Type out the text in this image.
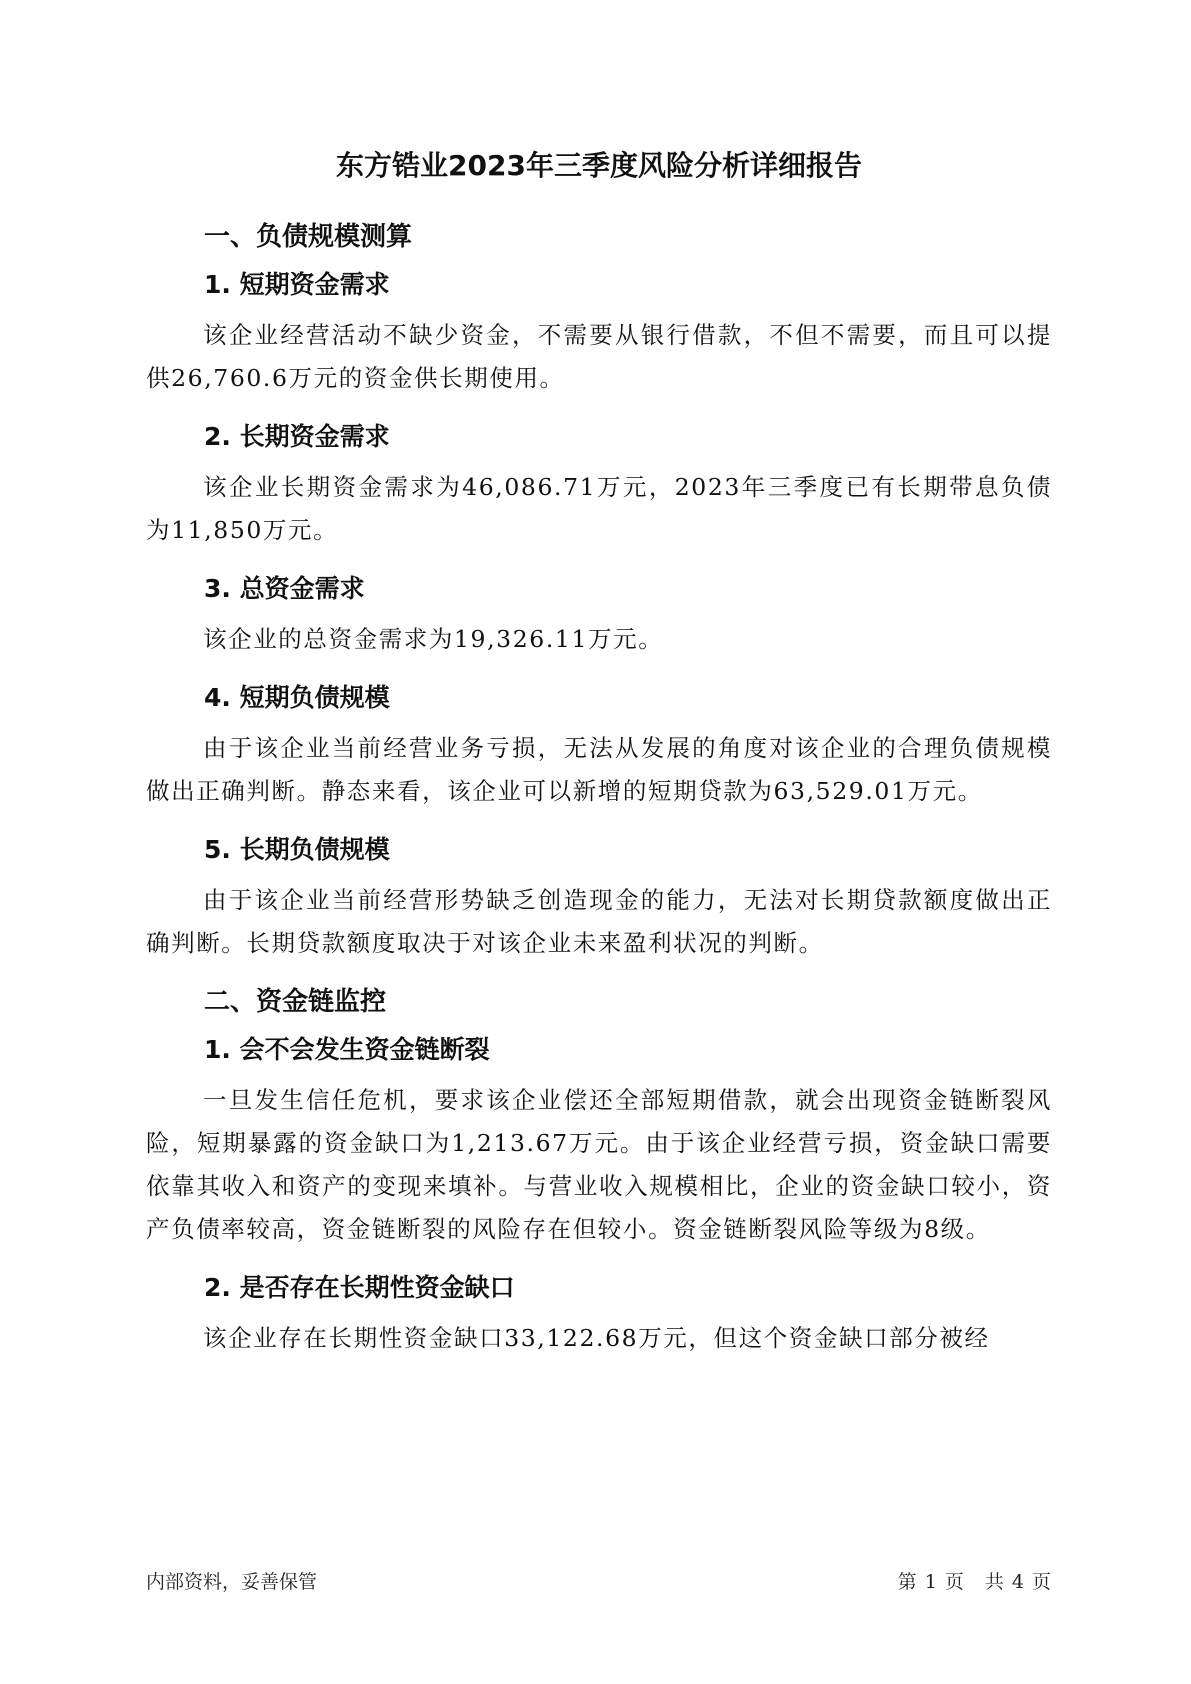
东方锆业2023年三季度风险分析详细报告
一、负债规模测算
1. 短期资金需求

该企业经营活动不缺少资金，不需要从银行借款，不但不需要，而且可以提供26,760.6万元的资金供长期使用。

2. 长期资金需求

该企业长期资金需求为46,086.71万元，2023年三季度已有长期带息负债为11,850万元。

3. 总资金需求

该企业的总资金需求为19,326.11万元。

4. 短期负债规模

由于该企业当前经营业务亏损，无法从发展的角度对该企业的合理负债规模做出正确判断。静态来看，该企业可以新增的短期贷款为63,529.01万元。

5. 长期负债规模

由于该企业当前经营形势缺乏创造现金的能力，无法对长期贷款额度做出正确判断。长期贷款额度取决于对该企业未来盈利状况的判断。

二、资金链监控
1. 会不会发生资金链断裂

一旦发生信任危机，要求该企业偿还全部短期借款，就会出现资金链断裂风险，短期暴露的资金缺口为1,213.67万元。由于该企业经营亏损，资金缺口需要依靠其收入和资产的变现来填补。与营业收入规模相比，企业的资金缺口较小，资产负债率较高，资金链断裂的风险存在但较小。资金链断裂风险等级为8级。

2. 是否存在长期性资金缺口

该企业存在长期性资金缺口33,122.68万元，但这个资金缺口部分被经

内部资料，妥善保管	第 1 页　共 4 页
